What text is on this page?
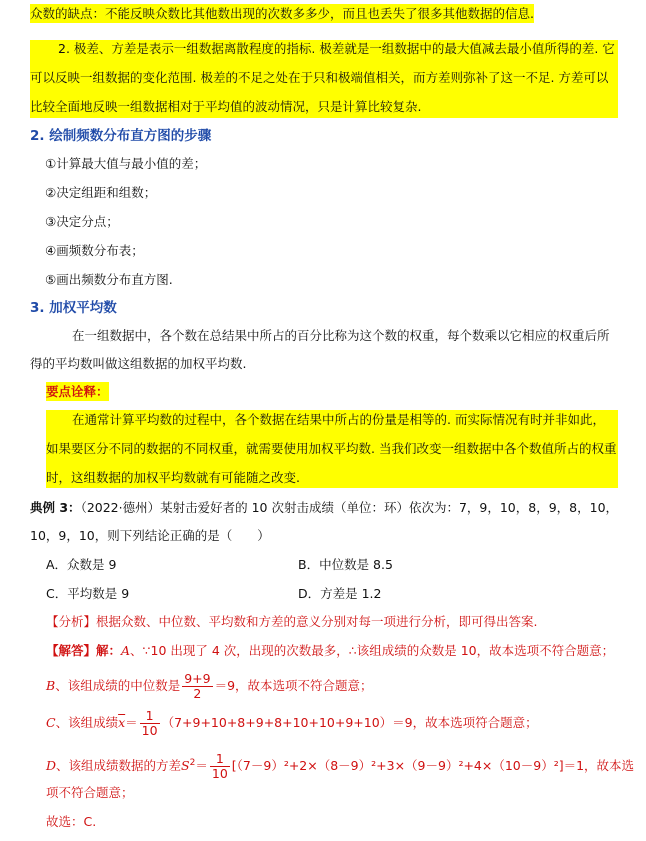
众数的缺点：不能反映众数比其他数出现的次数多多少，而且也丢失了很多其他数据的信息.
2. 极差、方差是表示一组数据离散程度的指标. 极差就是一组数据中的最大值减去最小值所得的差. 它
可以反映一组数据的变化范围. 极差的不足之处在于只和极端值相关，而方差则弥补了这一不足. 方差可以
比较全面地反映一组数据相对于平均值的波动情况，只是计算比较复杂.
2. 绘制频数分布直方图的步骤
①计算最大值与最小值的差；
②决定组距和组数；
③决定分点；
④画频数分布表；
⑤画出频数分布直方图.
3. 加权平均数
在一组数据中，各个数在总结果中所占的百分比称为这个数的权重，每个数乘以它相应的权重后所
得的平均数叫做这组数据的加权平均数.
要点诠释：
在通常计算平均数的过程中，各个数据在结果中所占的份量是相等的. 而实际情况有时并非如此，
如果要区分不同的数据的不同权重，就需要使用加权平均数. 当我们改变一组数据中各个数值所占的权重
时，这组数据的加权平均数就有可能随之改变.
典例 3：（2022·德州）某射击爱好者的 10 次射击成绩（单位：环）依次为：7，9，10，8，9，8，10，
10，9，10，则下列结论正确的是（　　）
A．众数是 9	B．中位数是 8.5
C．平均数是 9	D．方差是 1.2
【分析】根据众数、中位数、平均数和方差的意义分别对每一项进行分析，即可得出答案.
【解答】解：A、∵10 出现了 4 次，出现的次数最多，∴该组成绩的众数是 10，故本选项不符合题意；
B、该组成绩的中位数是 $\frac{9+9}{2} =9$，故本选项不符合题意；
C、该组成绩$\overline{x}= \frac{1}{10} (7+9+10+8+9+8+10+10+9+10)=9$，故本选项符合题意；
D、该组成绩数据的方差$S^2= \frac{1}{10} [(7-9)^2+2\times(8-9)^2+3\times(9-9)^2+4\times(10-9)^2]=1$，故本选
项不符合题意；
故选：C.
